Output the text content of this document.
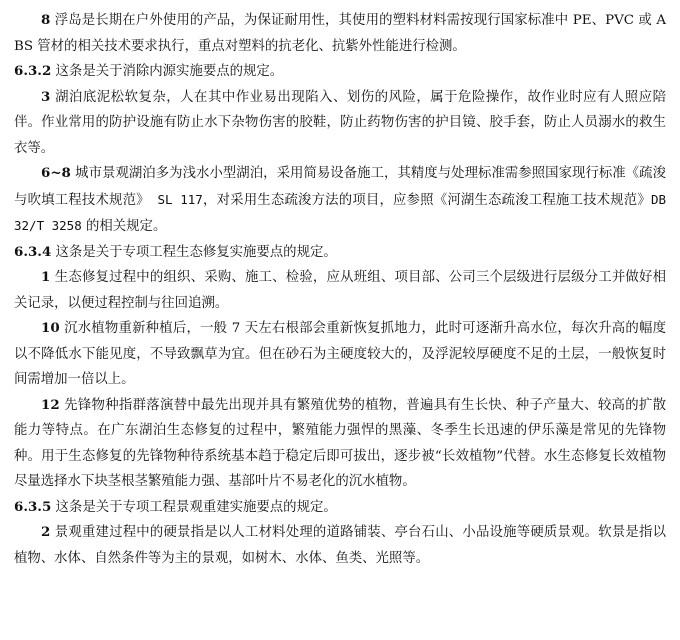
8 浮岛是长期在户外使用的产品，为保证耐用性，其使用的塑料材料需按现行国家标准中 PE、PVC 或 ABS 管材的相关技术要求执行，重点对塑料的抗老化、抗紫外性能进行检测。

6.3.2 这条是关于消除内源实施要点的规定。

3 湖泊底泥松软复杂，人在其中作业易出现陷入、划伤的风险，属于危险操作，故作业时应有人照应陪伴。作业常用的防护设施有防止水下杂物伤害的胶鞋，防止药物伤害的护目镜、胶手套，防止人员溺水的救生衣等。

6~8 城市景观湖泊多为浅水小型湖泊，采用简易设备施工，其精度与处理标准需参照国家现行标准《疏浚与吹填工程技术规范》 SL 117，对采用生态疏浚方法的项目，应参照《河湖生态疏浚工程施工技术规范》DB 32/T 3258 的相关规定。

6.3.4 这条是关于专项工程生态修复实施要点的规定。

1 生态修复过程中的组织、采购、施工、检验，应从班组、项目部、公司三个层级进行层级分工并做好相关记录，以便过程控制与往回追溯。

10 沉水植物重新种植后，一般 7 天左右根部会重新恢复抓地力，此时可逐渐升高水位，每次升高的幅度以不降低水下能见度，不导致飘草为宜。但在砂石为主硬度较大的，及浮泥较厚硬度不足的土层，一般恢复时间需增加一倍以上。

12 先锋物种指群落演替中最先出现并具有繁殖优势的植物，普遍具有生长快、种子产量大、较高的扩散能力等特点。在广东湖泊生态修复的过程中，繁殖能力强悍的黑藻、冬季生长迅速的伊乐藻是常见的先锋物种。用于生态修复的先锋物种待系统基本趋于稳定后即可拔出，逐步被“长效植物”代替。水生态修复长效植物尽量选择水下块茎根茎繁殖能力强、基部叶片不易老化的沉水植物。

6.3.5 这条是关于专项工程景观重建实施要点的规定。

2 景观重建过程中的硬景指是以人工材料处理的道路铺装、亭台石山、小品设施等硬质景观。软景是指以植物、水体、自然条件等为主的景观，如树木、水体、鱼类、光照等。
